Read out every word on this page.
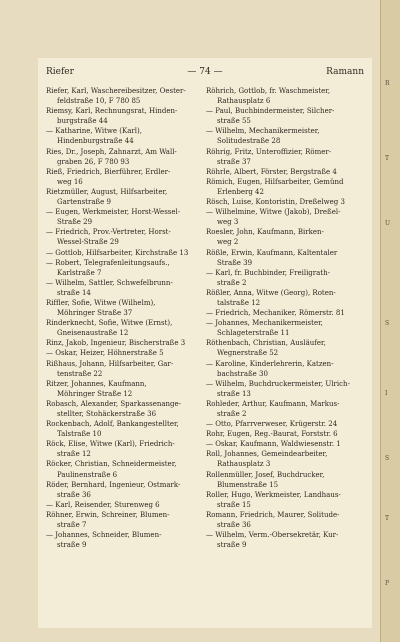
Riefer	— 74 —	Ramann
Riefer, Karl, Waschereibesitzer, Oester-
feldstraße 10, F 780 85
Riemsy, Karl, Rechnungsrat, Hinden-
burgstraße 44
— Katharine, Witwe (Karl),
Hindenburgstraße 44
Ries, Dr., Joseph, Zahnarzt, Am Wall-
graben 26, F 780 93
Rieß, Friedrich, Bierführer, Erdler-
weg 16
Rietzmüller, August, Hilfsarbeiter,
Gartenstraße 9
— Eugen, Werkmeister, Horst-Wessel-
Straße 29
— Friedrich, Prov.-Vertreter, Horst-
Wessel-Straße 29
— Gottlob, Hilfsarbeiter, Kirchstraße 13
— Robert, Telegrafenleitungsaufs.,
Karlstraße 7
— Wilhelm, Sattler, Schwefelbrunn-
straße 14
Riffler, Sofie, Witwe (Wilhelm),
Möhringer Straße 37
Rinderknecht, Sofie, Witwe (Ernst),
Gneisenaustraße 12
Rinz, Jakob, Ingenieur, Bischerstraße 3
— Oskar, Heizer, Höhnerstraße 5
Rißhaus, Johann, Hilfsarbeiter, Gar-
tenstraße 22
Ritzer, Johannes, Kaufmann,
Möhringer Straße 12
Robasch, Alexander, Sparkassenange-
stellter, Stohäckerstraße 36
Rockenbach, Adolf, Bankangestellter,
Talstraße 10
Röck, Elise, Witwe (Karl), Friedrich-
straße 12
Röcker, Christian, Schneidermeister,
Paulinenstraße 6
Röder, Bernhard, Ingenieur, Ostmark-
straße 36
— Karl, Reisender, Sturenweg 6
Röhner, Erwin, Schreiner, Blumen-
straße 7
— Johannes, Schneider, Blumen-
straße 9
Röhrich, Gottlob, fr. Waschmeister,
Rathausplatz 6
— Paul, Buchbindermeister, Silcher-
straße 55
— Wilhelm, Mechanikermeister,
Solitudestraße 28
Röhrig, Fritz, Unteroffizier, Römer-
straße 37
Röhrle, Albert, Förster, Bergstraße 4
Römich, Eugen, Hilfsarbeiter, Gemünd
Erlenberg 42
Rösch, Luise, Kontoristin, Dreßelweg 3
— Wilhelmine, Witwe (Jakob), Dreßel-
weg 3
Roesler, John, Kaufmann, Birken-
weg 2
Rößle, Erwin, Kaufmann, Kaltentaler
Straße 39
— Karl, fr. Buchbinder, Freiligrath-
straße 2
Rößler, Anna, Witwe (Georg), Roten-
talstraße 12
— Friedrich, Mechaniker, Römerstr. 81
— Johannes, Mechanikermeister,
Schlageterstraße 11
Röthenbach, Christian, Ausläufer,
Wegnerstraße 52
— Karoline, Kinderlehrerin, Katzen-
bachstraße 30
— Wilhelm, Buchdruckermeister, Ulrich-
straße 13
Rohleder, Arthur, Kaufmann, Markus-
straße 2
— Otto, Pfarrverweser, Krügerstr. 24
Rohr, Eugen, Reg.-Baurat, Forststr. 6
— Oskar, Kaufmann, Waldwiesenstr. 1
Roll, Johannes, Gemeindearbeiter,
Rathausplatz 3
Rollenmüller, Josef, Buchdrucker,
Blumenstraße 15
Roller, Hugo, Werkmeister, Landhaus-
straße 15
Romann, Friedrich, Maurer, Solitude-
straße 36
— Wilhelm, Verm.-Obersekretär, Kur-
straße 9
R
T
U
S
I
S
T
P
